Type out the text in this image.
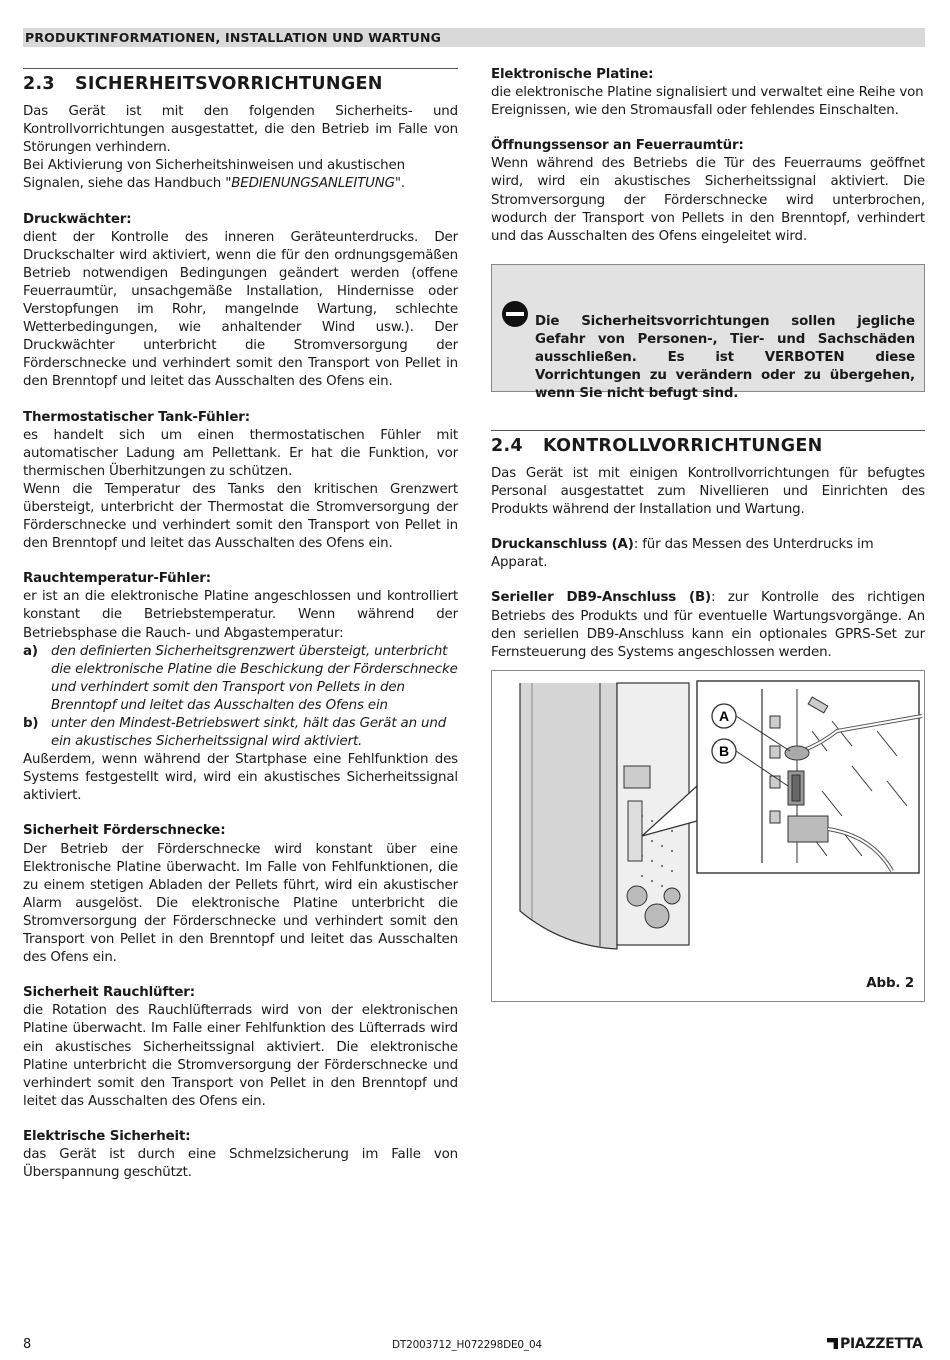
PRODUKTINFORMATIONEN, INSTALLATION UND WARTUNG
2.3 SICHERHEITSVORRICHTUNGEN

Das Gerät ist mit den folgenden Sicherheits- und Kontrollvorrichtungen ausgestattet, die den Betrieb im Falle von Störungen verhindern.

Bei Aktivierung von Sicherheitshinweisen und akustischen Signalen, siehe das Handbuch "BEDIENUNGSANLEITUNG".

Druckwächter:

dient der Kontrolle des inneren Geräteunterdrucks. Der Druckschalter wird aktiviert, wenn die für den ordnungsgemäßen Betrieb notwendigen Bedingungen geändert werden (offene Feuerraumtür, unsachgemäße Installation, Hindernisse oder Verstopfungen im Rohr, mangelnde Wartung, schlechte Wetterbedingungen, wie anhaltender Wind usw.). Der Druckwächter unterbricht die Stromversorgung der Förderschnecke und verhindert somit den Transport von Pellet in den Brenntopf und leitet das Ausschalten des Ofens ein.

Thermostatischer Tank-Fühler:

es handelt sich um einen thermostatischen Fühler mit automatischer Ladung am Pellettank. Er hat die Funktion, vor thermischen Überhitzungen zu schützen.

Wenn die Temperatur des Tanks den kritischen Grenzwert übersteigt, unterbricht der Thermostat die Stromversorgung der Förderschnecke und verhindert somit den Transport von Pellet in den Brenntopf und leitet das Ausschalten des Ofens ein.

Rauchtemperatur-Fühler:

er ist an die elektronische Platine angeschlossen und kontrolliert konstant die Betriebstemperatur. Wenn während der Betriebsphase die Rauch- und Abgastemperatur:

a) den definierten Sicherheitsgrenzwert übersteigt, unterbricht die elektronische Platine die Beschickung der Förderschnecke und verhindert somit den Transport von Pellets in den Brenntopf und leitet das Ausschalten des Ofens ein
b) unter den Mindest-Betriebswert sinkt, hält das Gerät an und ein akustisches Sicherheitssignal wird aktiviert.

Außerdem, wenn während der Startphase eine Fehlfunktion des Systems festgestellt wird, wird ein akustisches Sicherheitssignal aktiviert.

Sicherheit Förderschnecke:

Der Betrieb der Förderschnecke wird konstant über eine Elektronische Platine überwacht. Im Falle von Fehlfunktionen, die zu einem stetigen Abladen der Pellets führt, wird ein akustischer Alarm ausgelöst. Die elektronische Platine unterbricht die Stromversorgung der Förderschnecke und verhindert somit den Transport von Pellet in den Brenntopf und leitet das Ausschalten des Ofens ein.

Sicherheit Rauchlüfter:

die Rotation des Rauchlüfterrads wird von der elektronischen Platine überwacht. Im Falle einer Fehlfunktion des Lüfterrads wird ein akustisches Sicherheitssignal aktiviert. Die elektronische Platine unterbricht die Stromversorgung der Förderschnecke und verhindert somit den Transport von Pellet in den Brenntopf und leitet das Ausschalten des Ofens ein.

Elektrische Sicherheit:

das Gerät ist durch eine Schmelzsicherung im Falle von Überspannung geschützt.

Elektronische Platine:

die elektronische Platine signalisiert und verwaltet eine Reihe von Ereignissen, wie den Stromausfall oder fehlendes Einschalten.

Öffnungssensor an Feuerraumtür:

Wenn während des Betriebs die Tür des Feuerraums geöffnet wird, wird ein akustisches Sicherheitssignal aktiviert. Die Stromversorgung der Förderschnecke wird unterbrochen, wodurch der Transport von Pellets in den Brenntopf, verhindert und das Ausschalten des Ofens eingeleitet wird.

Die Sicherheitsvorrichtungen sollen jegliche Gefahr von Personen-, Tier- und Sachschäden ausschließen. Es ist VERBOTEN diese Vorrichtungen zu verändern oder zu übergehen, wenn Sie nicht befugt sind.
2.4 KONTROLLVORRICHTUNGEN

Das Gerät ist mit einigen Kontrollvorrichtungen für befugtes Personal ausgestattet zum Nivellieren und Einrichten des Produkts während der Installation und Wartung.

Druckanschluss (A): für das Messen des Unterdrucks im Apparat.

Serieller DB9-Anschluss (B): zur Kontrolle des richtigen Betriebs des Produkts und für eventuelle Wartungsvorgänge. An den seriellen DB9-Anschluss kann ein optionales GPRS-Set zur Fernsteuerung des Systems angeschlossen werden.

A
B
Abb. 2
8	DT2003712_H072298DE0_04	PIAZZETTA
